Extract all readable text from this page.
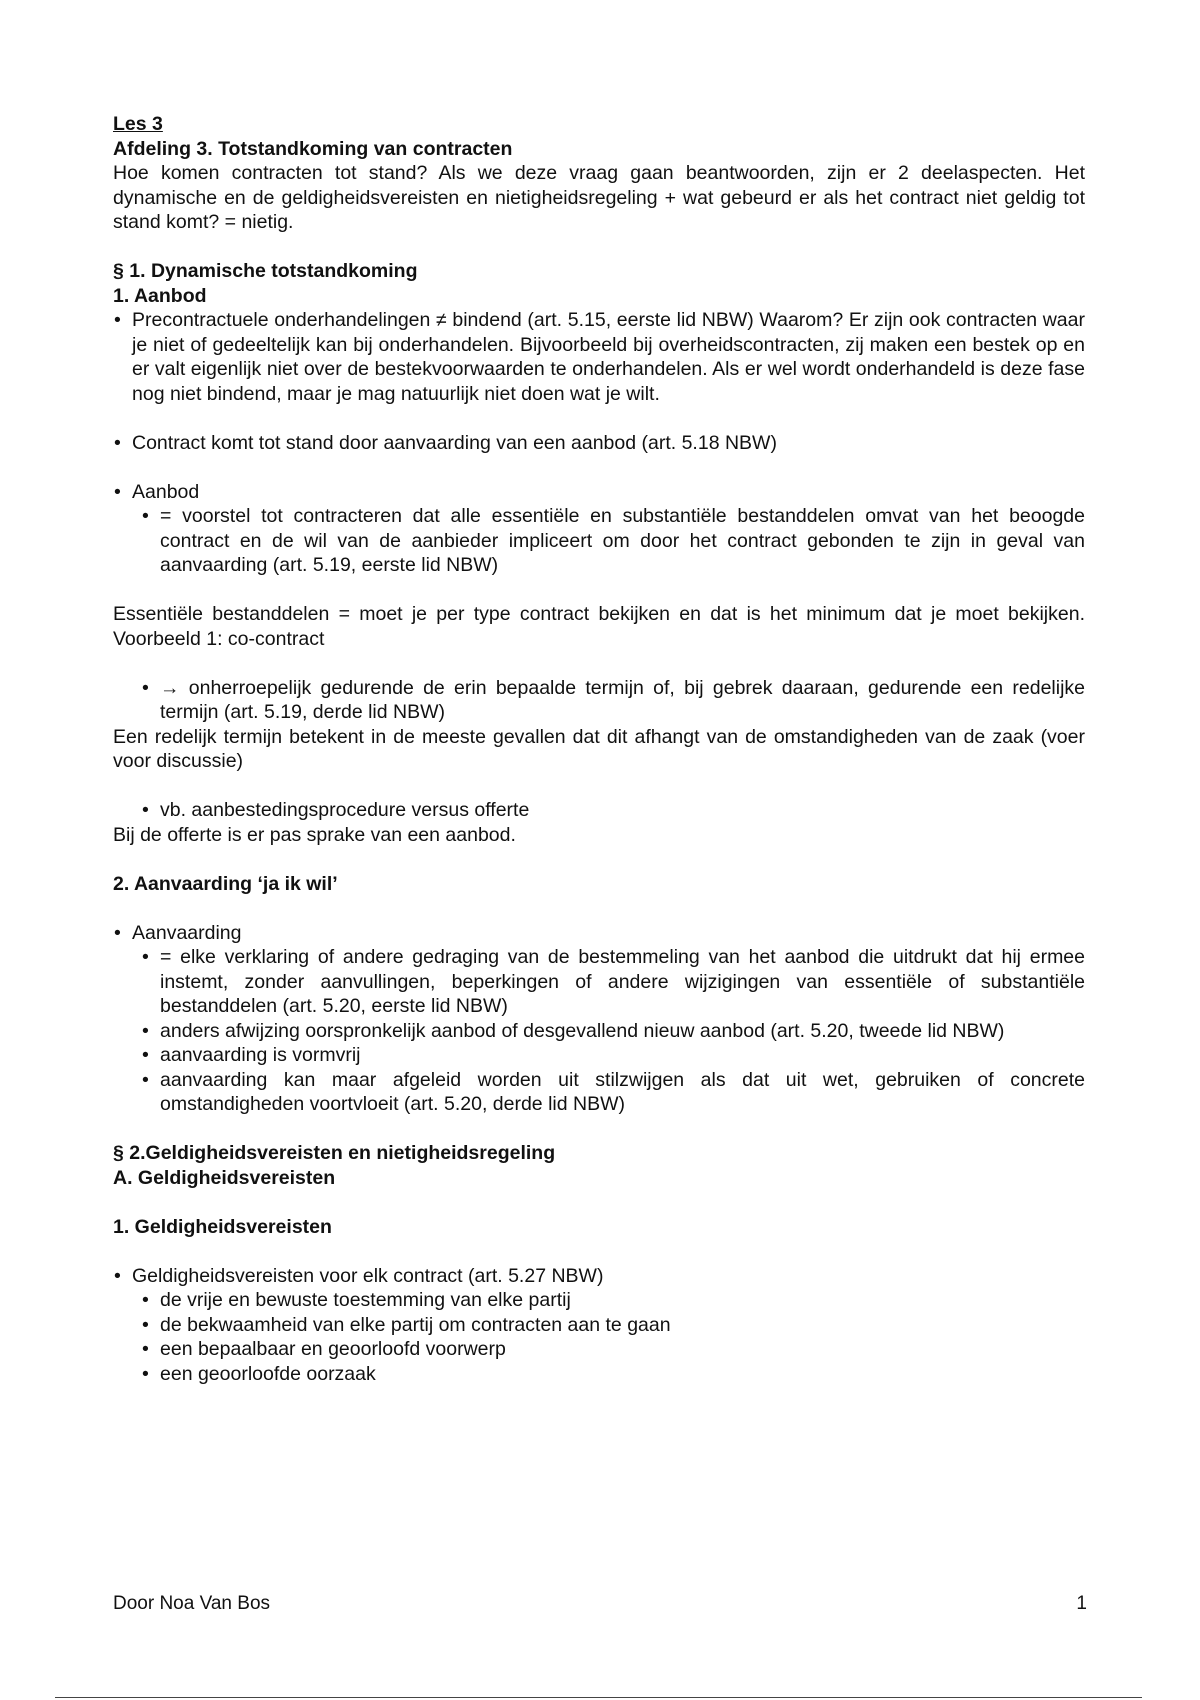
Les 3

Afdeling 3. Totstandkoming van contracten

Hoe komen contracten tot stand? Als we deze vraag gaan beantwoorden, zijn er 2 deelaspecten. Het dynamische en de geldigheidsvereisten en nietigheidsregeling + wat gebeurd er als het contract niet geldig tot stand komt? = nietig.

§ 1. Dynamische totstandkoming

1. Aanbod

• Precontractuele onderhandelingen ≠ bindend (art. 5.15, eerste lid NBW) Waarom? Er zijn ook contracten waar je niet of gedeeltelijk kan bij onderhandelen. Bijvoorbeeld bij overheidscontracten, zij maken een bestek op en er valt eigenlijk niet over de bestekvoorwaarden te onderhandelen. Als er wel wordt onderhandeld is deze fase nog niet bindend, maar je mag natuurlijk niet doen wat je wilt.

• Contract komt tot stand door aanvaarding van een aanbod (art. 5.18 NBW)

• Aanbod

• = voorstel tot contracteren dat alle essentiële en substantiële bestanddelen omvat van het beoogde contract en de wil van de aanbieder impliceert om door het contract gebonden te zijn in geval van aanvaarding (art. 5.19, eerste lid NBW)

Essentiële bestanddelen = moet je per type contract bekijken en dat is het minimum dat je moet bekijken. Voorbeeld 1: co-contract

• → onherroepelijk gedurende de erin bepaalde termijn of, bij gebrek daaraan, gedurende een redelijke termijn (art. 5.19, derde lid NBW)

Een redelijk termijn betekent in de meeste gevallen dat dit afhangt van de omstandigheden van de zaak (voer voor discussie)

• vb. aanbestedingsprocedure versus offerte

Bij de offerte is er pas sprake van een aanbod.

2. Aanvaarding ‘ja ik wil’

• Aanvaarding

• = elke verklaring of andere gedraging van de bestemmeling van het aanbod die uitdrukt dat hij ermee instemt, zonder aanvullingen, beperkingen of andere wijzigingen van essentiële of substantiële bestanddelen (art. 5.20, eerste lid NBW)

• anders afwijzing oorspronkelijk aanbod of desgevallend nieuw aanbod (art. 5.20, tweede lid NBW)

• aanvaarding is vormvrij

• aanvaarding kan maar afgeleid worden uit stilzwijgen als dat uit wet, gebruiken of concrete omstandigheden voortvloeit (art. 5.20, derde lid NBW)

§ 2.Geldigheidsvereisten en nietigheidsregeling

A. Geldigheidsvereisten

1. Geldigheidsvereisten

• Geldigheidsvereisten voor elk contract (art. 5.27 NBW)

• de vrije en bewuste toestemming van elke partij

• de bekwaamheid van elke partij om contracten aan te gaan

• een bepaalbaar en geoorloofd voorwerp

• een geoorloofde oorzaak

Door Noa Van Bos	1
